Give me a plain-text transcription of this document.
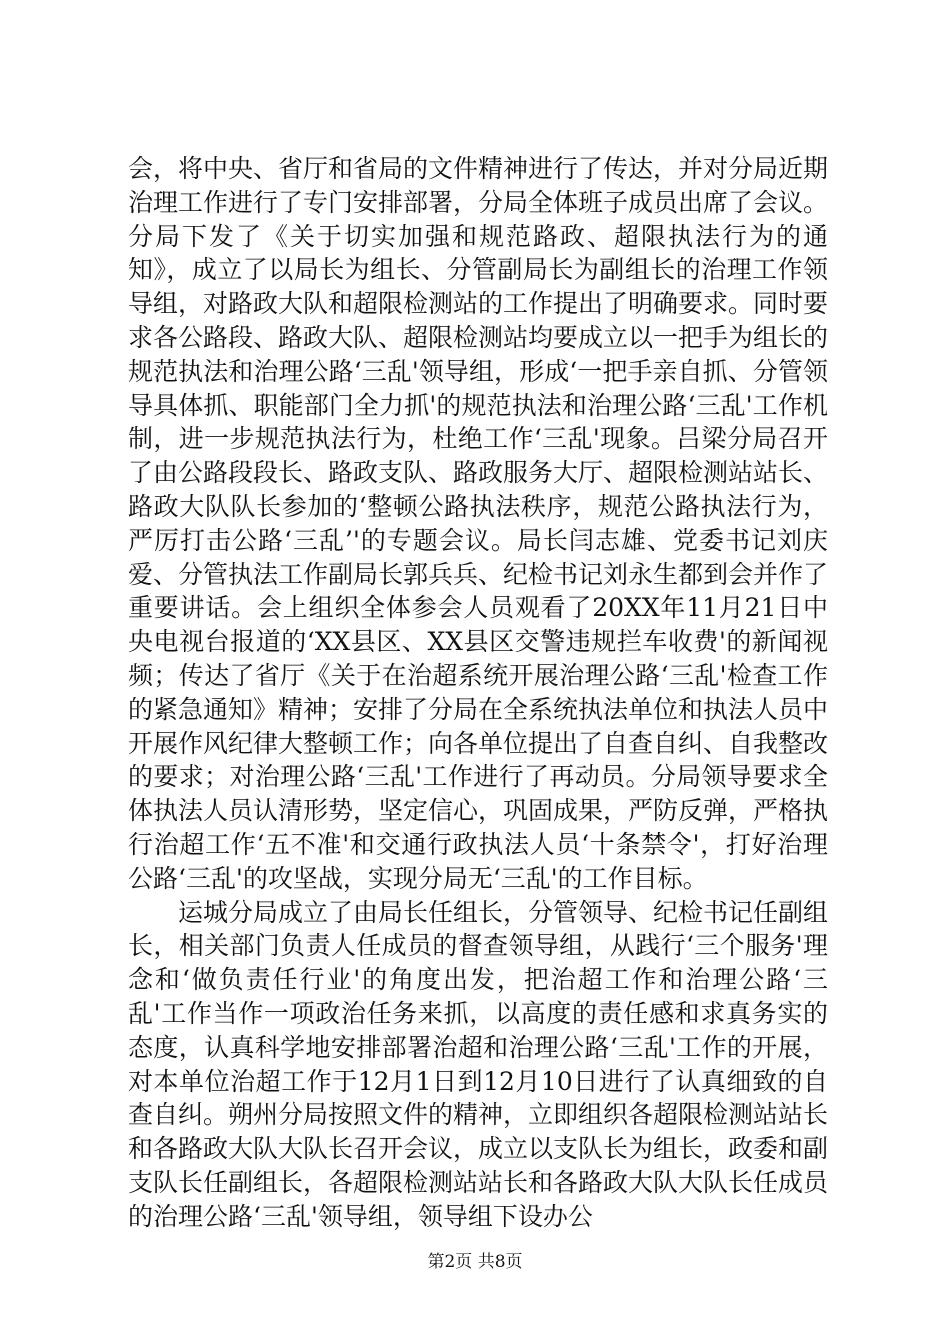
会，将中央、省厅和省局的文件精神进行了传达，并对分局近期治理工作进行了专门安排部署，分局全体班子成员出席了会议。分局下发了《关于切实加强和规范路政、超限执法行为的通知》，成立了以局长为组长、分管副局长为副组长的治理工作领导组，对路政大队和超限检测站的工作提出了明确要求。同时要求各公路段、路政大队、超限检测站均要成立以一把手为组长的规范执法和治理公路‘三乱'领导组，形成‘一把手亲自抓、分管领导具体抓、职能部门全力抓'的规范执法和治理公路‘三乱'工作机制，进一步规范执法行为，杜绝工作‘三乱'现象。吕梁分局召开了由公路段段长、路政支队、路政服务大厅、超限检测站站长、路政大队队长参加的‘整顿公路执法秩序，规范公路执法行为，严厉打击公路‘三乱’'的专题会议。局长闫志雄、党委书记刘庆爱、分管执法工作副局长郭兵兵、纪检书记刘永生都到会并作了重要讲话。会上组织全体参会人员观看了20XX年11月21日中央电视台报道的‘XX县区、XX县区交警违规拦车收费'的新闻视频；传达了省厅《关于在治超系统开展治理公路‘三乱'检查工作的紧急通知》精神；安排了分局在全系统执法单位和执法人员中开展作风纪律大整顿工作；向各单位提出了自查自纠、自我整改的要求；对治理公路‘三乱'工作进行了再动员。分局领导要求全体执法人员认清形势，坚定信心，巩固成果，严防反弹，严格执行治超工作‘五不准'和交通行政执法人员‘十条禁令'，打好治理公路‘三乱'的攻坚战，实现分局无‘三乱'的工作目标。

运城分局成立了由局长任组长，分管领导、纪检书记任副组长，相关部门负责人任成员的督查领导组，从践行‘三个服务'理念和‘做负责任行业'的角度出发，把治超工作和治理公路‘三乱'工作当作一项政治任务来抓，以高度的责任感和求真务实的态度，认真科学地安排部署治超和治理公路‘三乱'工作的开展，对本单位治超工作于12月1日到12月10日进行了认真细致的自查自纠。朔州分局按照文件的精神，立即组织各超限检测站站长和各路政大队大队长召开会议，成立以支队长为组长，政委和副支队长任副组长，各超限检测站站长和各路政大队大队长任成员的治理公路‘三乱'领导组，领导组下设办公

第2页 共8页
